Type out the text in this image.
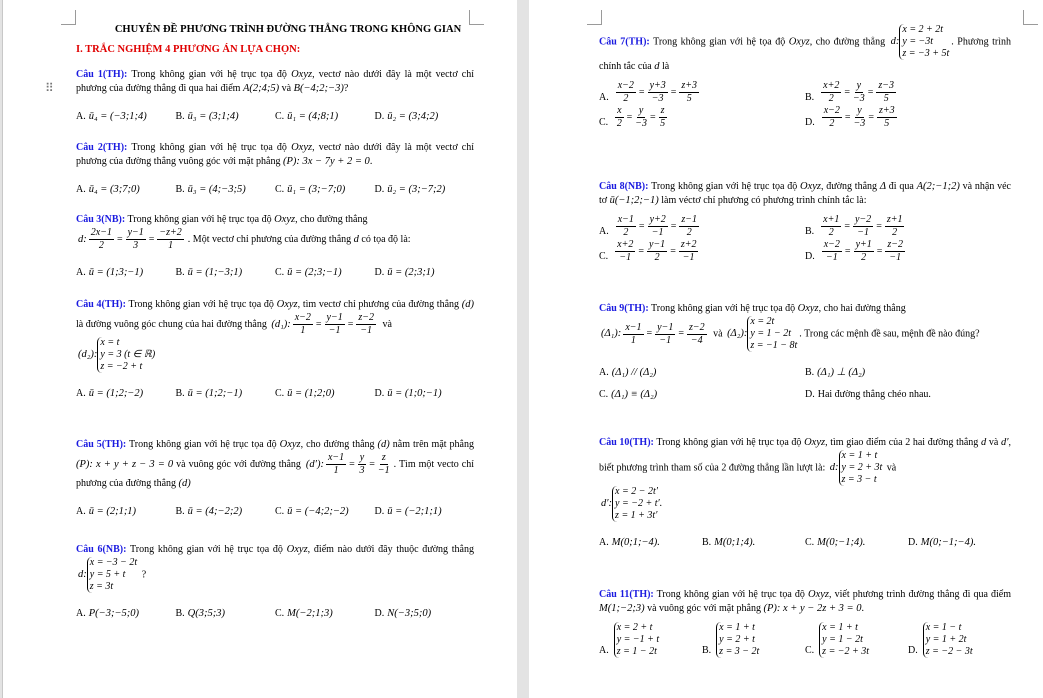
⠿
CHUYÊN ĐỀ PHƯƠNG TRÌNH ĐƯỜNG THẲNG TRONG KHÔNG GIAN
I. TRẮC NGHIỆM 4 PHƯƠNG ÁN LỰA CHỌN:
Câu 1(TH): Trong không gian với hệ trục tọa độ Oxyz, vectơ nào dưới đây là một vectơ chỉ phương của đường thẳng đi qua hai điểm A(2;4;5) và B(−4;2;−3)?
A. ū₄ = (−3;1;4)	B. ū₃ = (3;1;4)	C. ū₁ = (4;8;1)	D. ū₂ = (3;4;2)
Câu 2(TH): Trong không gian với hệ trục tọa độ Oxyz, vectơ nào dưới đây là một vectơ chỉ phương của đường thẳng vuông góc với mặt phẳng (P): 3x − 7y + 2 = 0.
A. ū₄ = (3;7;0)	B. ū₃ = (4;−3;5)	C. ū₁ = (3;−7;0)	D. ū₂ = (3;−7;2)
Câu 3(NB): Trong không gian với hệ trục tọa độ Oxyz, cho đường thẳng
d: $\frac{2x-1}{2} = \frac{y-1}{3} = \frac{-z+2}{1}$ . Một vectơ chỉ phương của đường thẳng d có tọa độ là:
A. ū = (1;3;−1)	B. ū = (1;−3;1)	C. ū = (2;3;−1)	D. ū = (2;3;1)
Câu 4(TH): Trong không gian với hệ trục tọa độ Oxyz, tìm vectơ chỉ phương của đường thẳng (d) là đường vuông góc chung của hai đường thẳng (d₁): $\frac{x-2}{1} = \frac{y-1}{-1} = \frac{z-2}{-1}$ và
(d₂):
x = t
y = 3 (t ∈ ℝ)
z = −2 + t
A. ū = (1;2;−2)	B. ū = (1;2;−1)	C. ū = (1;2;0)	D. ū = (1;0;−1)
Câu 5(TH): Trong không gian với hệ trục tọa độ Oxyz, cho đường thẳng (d) nằm trên mặt phẳng (P): x + y + z − 3 = 0 và vuông góc với đường thẳng (d′): $\frac{x-1}{1} = \frac{y}{3} = \frac{z}{-1}$ . Tìm một vecto chỉ phương của đường thẳng (d)
A. ū = (2;1;1)	B. ū = (4;−2;2)	C. ū = (−4;2;−2)	D. ū = (−2;1;1)
Câu 6(NB): Trong không gian với hệ trục tọa độ Oxyz, điểm nào dưới đây thuộc đường thẳng
d:
x = −3 − 2t
y = 5 + t
z = 3t
?
A. P(−3;−5;0)	B. Q(3;5;3)	C. M(−2;1;3)	D. N(−3;5;0)
Câu 7(TH): Trong không gian với hệ tọa độ Oxyz, cho đường thẳng d:
x = 2 + 2t
y = −3t
z = −3 + 5t
. Phương trình chính tắc của d là
A. $\frac{x-2}{2} = \frac{y+3}{-3} = \frac{z+3}{5}$	B. $\frac{x+2}{2} = \frac{y}{-3} = \frac{z-3}{5}$
C. $\frac{x}{2} = \frac{y}{-3} = \frac{z}{5}$	D. $\frac{x-2}{2} = \frac{y}{-3} = \frac{z+3}{5}$
Câu 8(NB): Trong không gian với hệ trục tọa độ Oxyz, đường thẳng Δ đi qua A(2;−1;2) và nhận véc tơ ū(−1;2;−1) làm véctơ chỉ phương có phương trình chính tắc là:
A. $\frac{x-1}{2} = \frac{y+2}{-1} = \frac{z-1}{2}$	B. $\frac{x+1}{2} = \frac{y-2}{-1} = \frac{z+1}{2}$
C. $\frac{x+2}{-1} = \frac{y-1}{2} = \frac{z+2}{-1}$	D. $\frac{x-2}{-1} = \frac{y+1}{2} = \frac{z-2}{-1}$
Câu 9(TH): Trong không gian với hệ trục tọa độ Oxyz, cho hai đường thẳng
(Δ₁): $\frac{x-1}{1} = \frac{y-1}{-1} = \frac{z-2}{-4}$ và (Δ₂):
x = 2t
y = 1 − 2t
z = −1 − 8t
. Trong các mệnh đề sau, mệnh đề nào đúng?
A. (Δ₁) // (Δ₂)	B. (Δ₁) ⊥ (Δ₂)
C. (Δ₁) ≡ (Δ₂)	D. Hai đường thẳng chéo nhau.
Câu 10(TH): Trong không gian với hệ trục tọa độ Oxyz, tìm giao điểm của 2 hai đường thẳng d và d′, biết phương trình tham số của 2 đường thẳng lần lượt là: d:
x = 1 + t
y = 2 + 3t
z = 3 − t
và
d′:
x = 2 − 2t′
y = −2 + t′.
z = 1 + 3t′
A. M(0;1;−4).	B. M(0;1;4).	C. M(0;−1;4).	D. M(0;−1;−4).
Câu 11(TH): Trong không gian với hệ trục tọa độ Oxyz, viết phương trình đường thẳng đi qua điểm M(1;−2;3) và vuông góc với mặt phẳng (P): x + y − 2z + 3 = 0.
A.
x = 2 + t
y = −1 + t
z = 1 − 2t	B.
x = 1 + t
y = 2 + t
z = 3 − 2t	C.
x = 1 + t
y = 1 − 2t
z = −2 + 3t	D.
x = 1 − t
y = 1 + 2t
z = −2 − 3t
